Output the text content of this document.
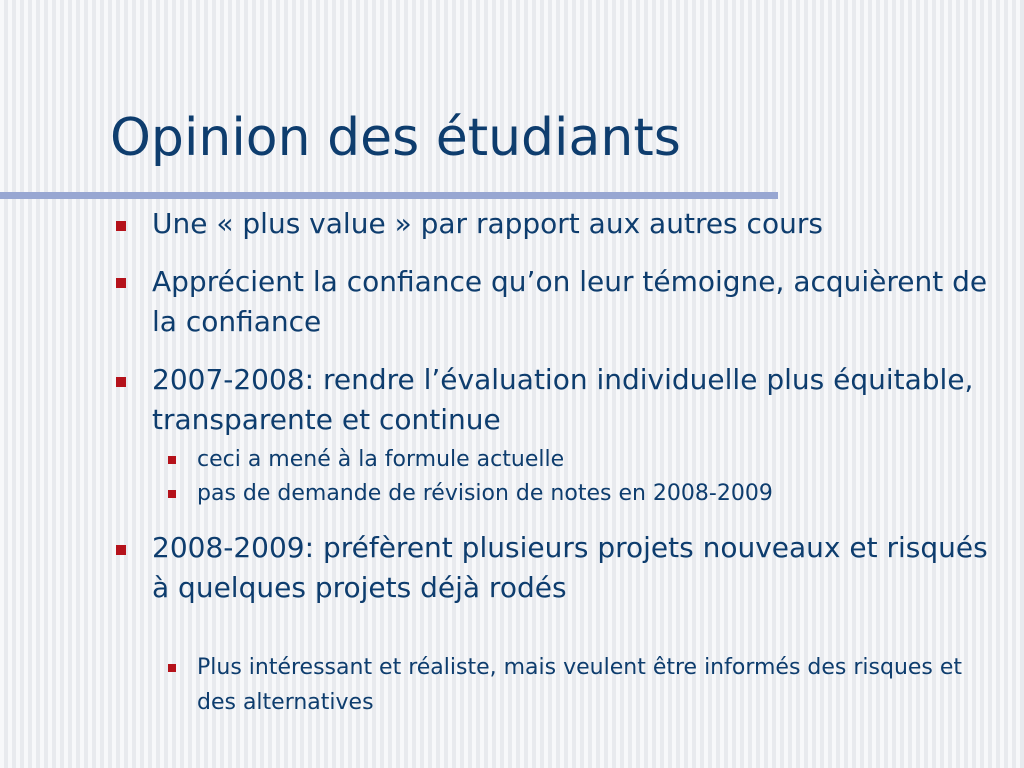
Opinion des étudiants
Une « plus value » par rapport aux autres cours
Apprécient la confiance qu’on leur témoigne, acquièrent de la confiance
2007-2008: rendre l’évaluation individuelle plus équitable, transparente et continue
ceci a mené à la formule actuelle
pas de demande de révision de notes en 2008-2009
2008-2009: préfèrent plusieurs projets nouveaux et risqués à quelques projets déjà rodés
Plus intéressant et réaliste, mais veulent être informés des risques et des alternatives
